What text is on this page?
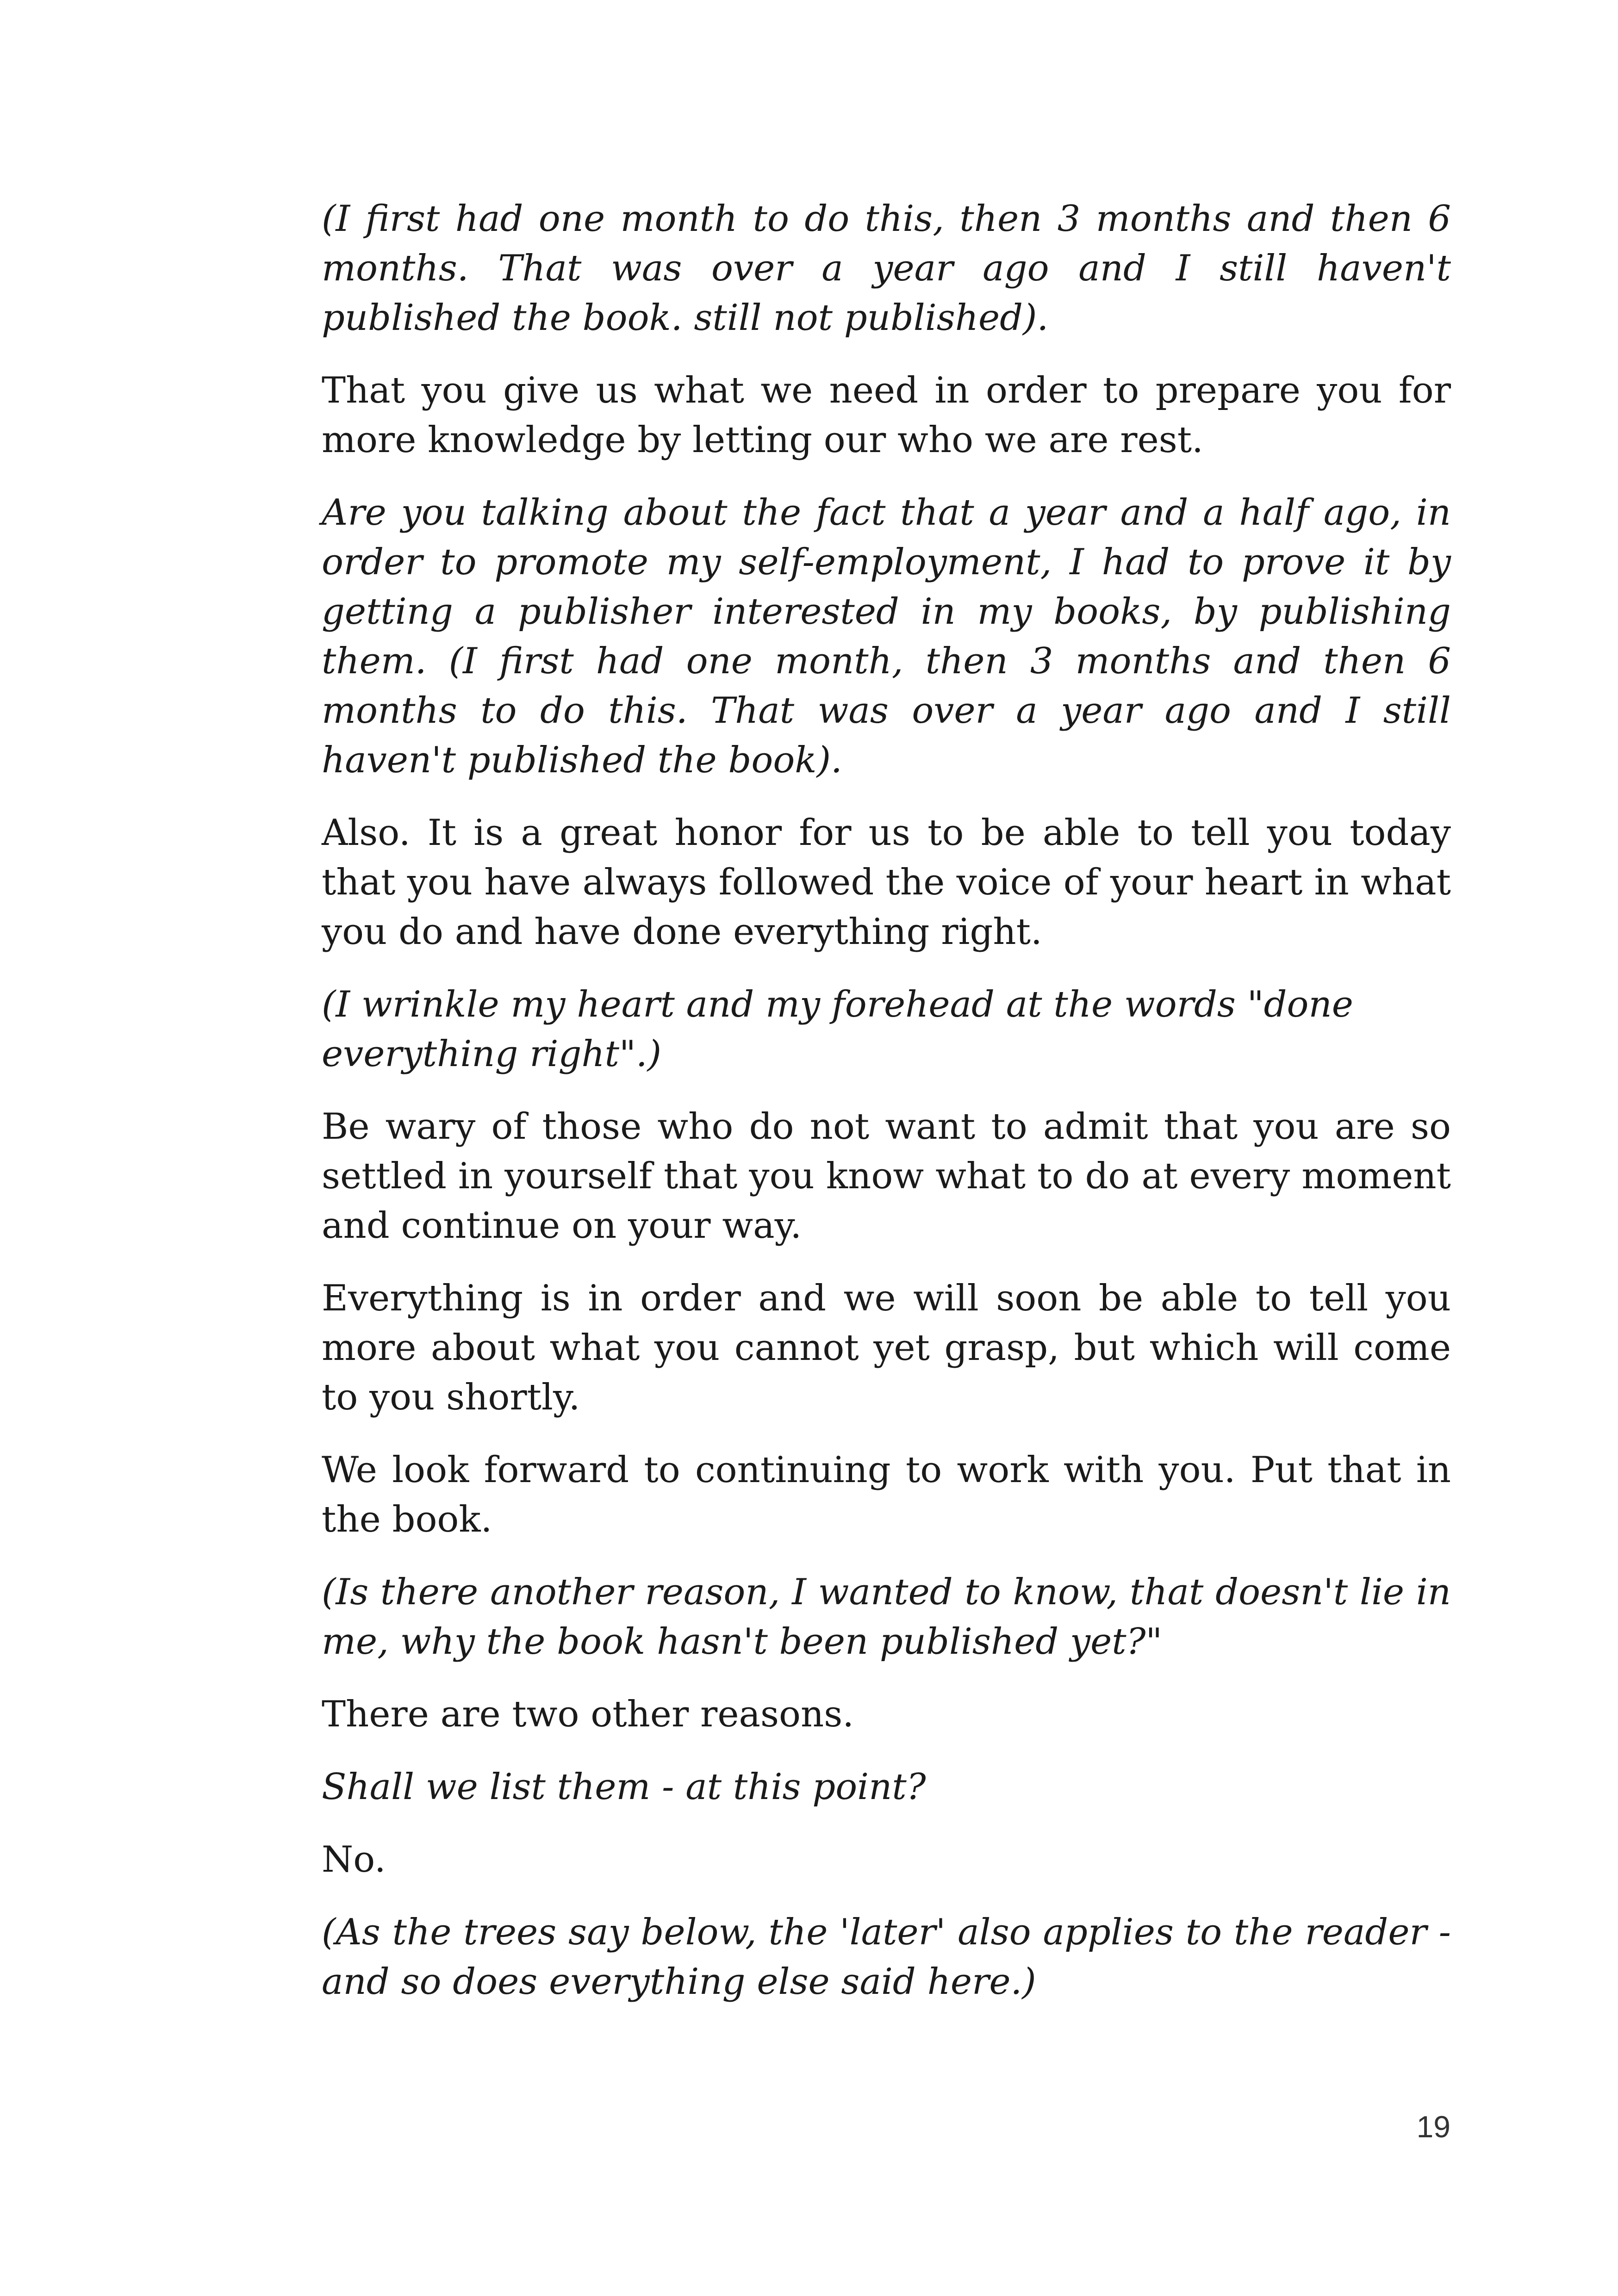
(I first had one month to do this, then 3 months and then 6 months. That was over a year ago and I still haven't published the book. still not published).

That you give us what we need in order to prepare you for more knowledge by letting our who we are rest.

Are you talking about the fact that a year and a half ago, in order to promote my self-employment, I had to prove it by getting a publisher interested in my books, by publishing them. (I first had one month, then 3 months and then 6 months to do this. That was over a year ago and I still haven't published the book).

Also. It is a great honor for us to be able to tell you today that you have always followed the voice of your heart in what you do and have done everything right.

(I wrinkle my heart and my forehead at the words "done everything right".)

Be wary of those who do not want to admit that you are so settled in yourself that you know what to do at every moment and continue on your way.

Everything is in order and we will soon be able to tell you more about what you cannot yet grasp, but which will come to you shortly.

We look forward to continuing to work with you. Put that in the book.

(Is there another reason, I wanted to know, that doesn't lie in me, why the book hasn't been published yet?"

There are two other reasons.

Shall we list them - at this point?

No.

(As the trees say below, the 'later' also applies to the reader - and so does everything else said here.)

19
